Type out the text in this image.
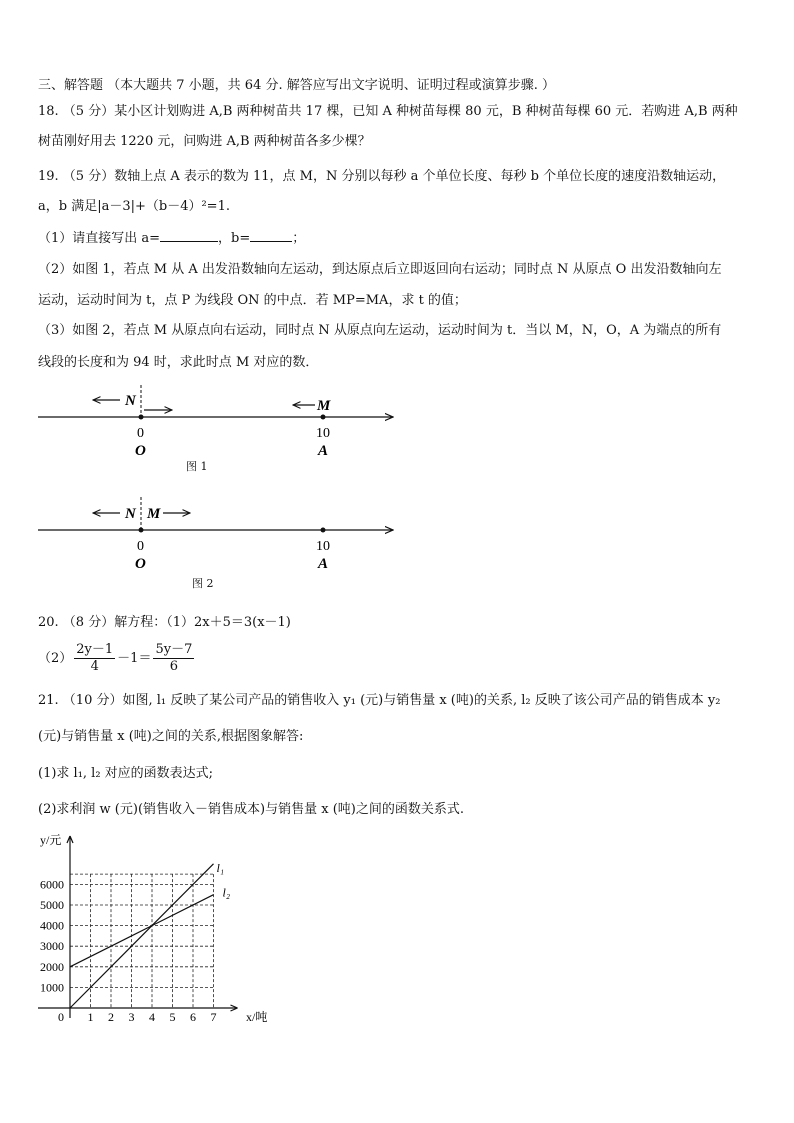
三、解答题 （本大题共 7 小题，共 64 分. 解答应写出文字说明、证明过程或演算步骤. ）
18. （5 分）某小区计划购进 A,B 两种树苗共 17 棵，已知 A 种树苗每棵 80 元，B 种树苗每棵 60 元．若购进 A,B 两种
树苗刚好用去 1220 元，问购进 A,B 两种树苗各多少棵？
19. （5 分）数轴上点 A 表示的数为 11，点 M，N 分别以每秒 a 个单位长度、每秒 b 个单位长度的速度沿数轴运动，
a，b 满足|a－3|+（b－4）²=1.
（1）请直接写出 a=	，b=	；
（2）如图 1，若点 M 从 A 出发沿数轴向左运动，到达原点后立即返回向右运动；同时点 N 从原点 O 出发沿数轴向左
运动，运动时间为 t，点 P 为线段 ON 的中点．若 MP=MA，求 t 的值；
（3）如图 2，若点 M 从原点向右运动，同时点 N 从原点向左运动，运动时间为 t．当以 M，N，O，A 为端点的所有
线段的长度和为 94 时，求此时点 M 对应的数．
N	M
0	10
O	A
图 1
N M
0	10
O	A
图 2
20. （8 分）解方程：（1）2x＋5＝3(x－1)
$(2) \frac{2y-1}{4} -1= \frac{5y-7}{6}$
21. （10 分）如图, l₁ 反映了某公司产品的销售收入 y₁ (元)与销售量 x (吨)的关系, l₂ 反映了该公司产品的销售成本 y₂
(元)与销售量 x (吨)之间的关系,根据图象解答:
(1)求 l₁, l₂ 对应的函数表达式;
(2)求利润 w (元)(销售收入－销售成本)与销售量 x (吨)之间的函数关系式.
0 1 2 3 4 5 6 7
1000
2000
3000
4000
5000
6000
l₁
l₂
y/元
x/吨
